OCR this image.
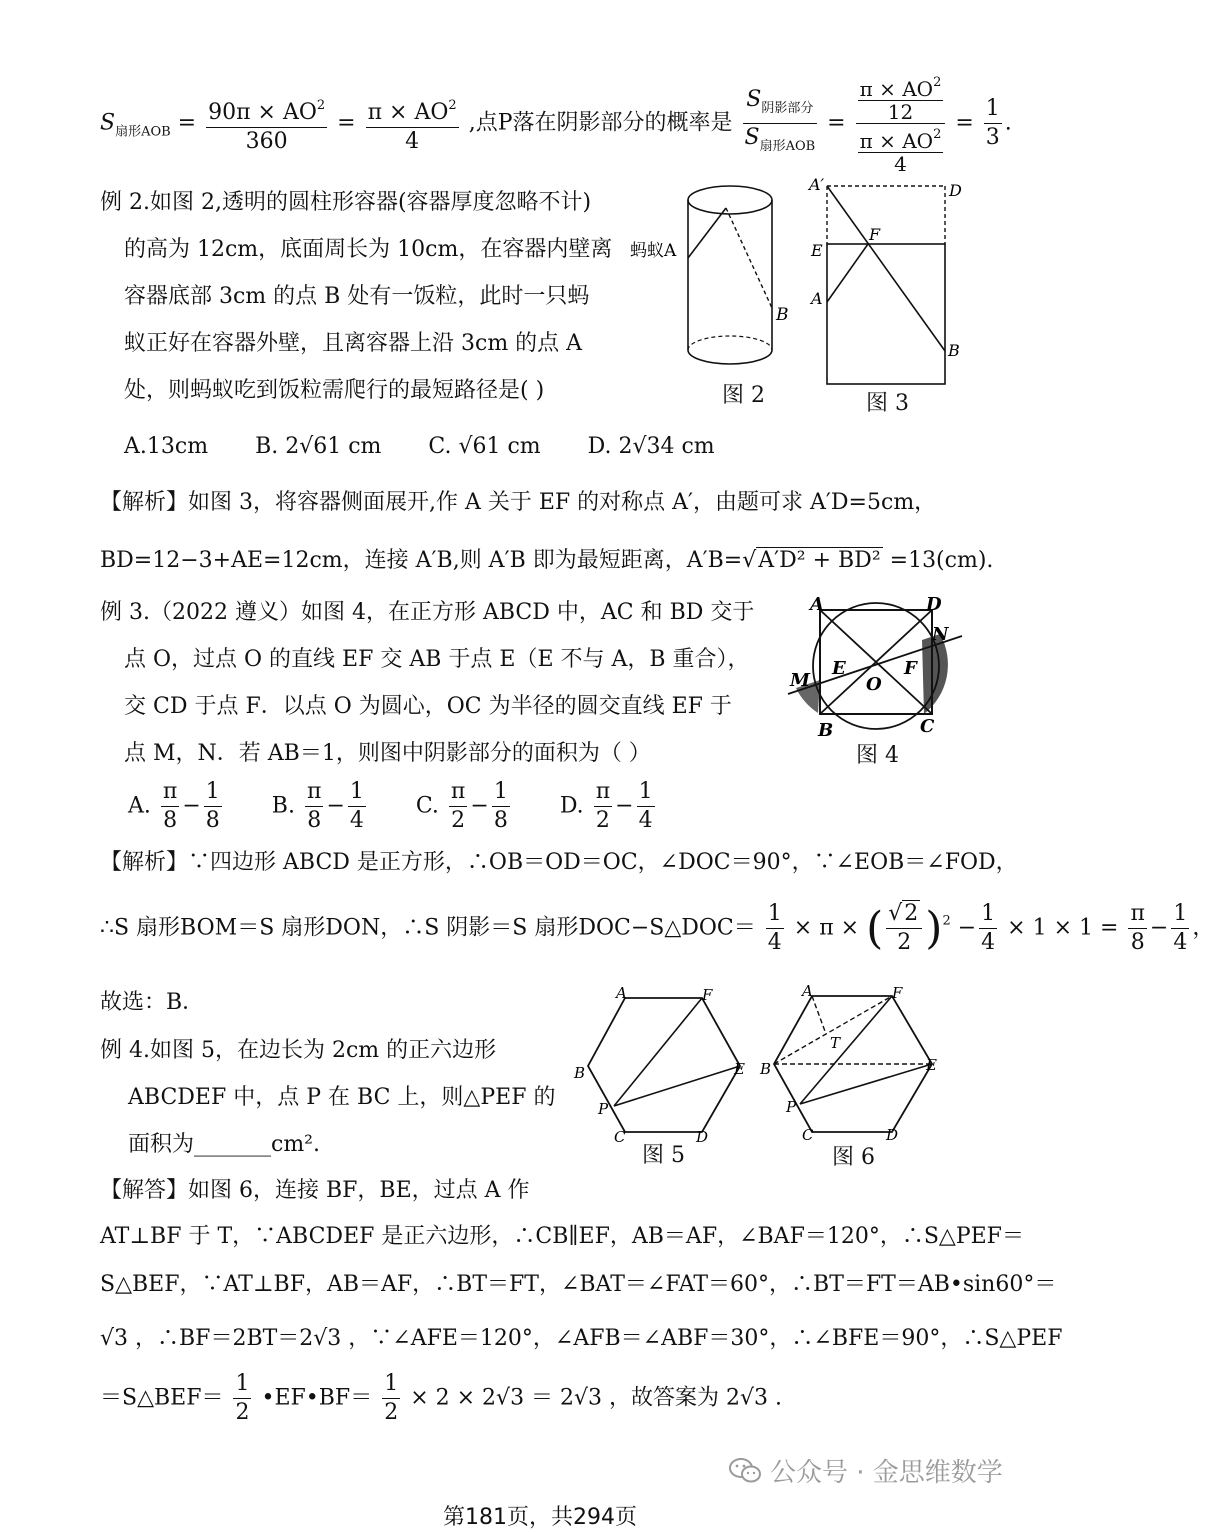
$S_{扇形AOB} = \frac{90\pi \times AO^2}{360} = \frac{\pi \times AO^2}{4}$ ,点P落在阴影部分的概率是 $\frac{S_{阴影部分}}{S_{扇形AOB}} = \frac{\frac{\pi \times AO^2}{12}}{\frac{\pi \times AO^2}{4}} = \frac{1}{3}$ .
例 2.如图 2,透明的圆柱形容器(容器厚度忽略不计)
的高为 12cm，底面周长为 10cm，在容器内壁离
容器底部 3cm 的点 B 处有一饭粒，此时一只蚂
蚁正好在容器外壁，且离容器上沿 3cm 的点 A
处，则蚂蚁吃到饭粒需爬行的最短路径是( )
A.13cm B. 2√61 cm C. √61 cm D. 2√34 cm
蚂蚁A
B
图 2
A′	D
E
F
A
B
图 3
【解析】如图 3，将容器侧面展开,作 A 关于 EF 的对称点 A′，由题可求 A′D=5cm，
BD=12−3+AE=12cm，连接 A′B,则 A′B 即为最短距离，A′B=√A′D² + BD² =13(cm).
例 3.（2022 遵义）如图 4，在正方形 ABCD 中，AC 和 BD 交于
点 O，过点 O 的直线 EF 交 AB 于点 E（E 不与 A，B 重合），
交 CD 于点 F．以点 O 为圆心，OC 为半径的圆交直线 EF 于
点 M，N．若 AB＝1，则图中阴影部分的面积为（ ）
A. $\frac{\pi}{8} - \frac{1}{8} B$. $\frac{\pi}{8} - \frac{1}{4} C$. $\frac{\pi}{2} - \frac{1}{8} D$. $\frac{\pi}{2} - \frac{1}{4}$
A	D
N
M
E
O
F
B	C
图 4
【解析】∵四边形 ABCD 是正方形，∴OB＝OD＝OC，∠DOC＝90°，∵∠EOB＝∠FOD，
∴S 扇形BOM＝S 扇形DON，∴S 阴影＝S 扇形DOC−S△DOC＝ $\frac{1}{4} \times \pi$ × ( $\frac{√2}{2} )^2 - \frac{1}{4} \times 1 \times 1 = \frac{\pi}{8} - \frac{1}{4}$ ，
故选：B．
例 4.如图 5，在边长为 2cm 的正六边形
ABCDEF 中，点 P 在 BC 上，则△PEF 的
面积为_______cm².
A	F
B	E
P
C	D
图 5
A	F
T
B	E
P
C	D
图 6
【解答】如图 6，连接 BF，BE，过点 A 作
AT⊥BF 于 T，∵ABCDEF 是正六边形，∴CB∥EF，AB＝AF，∠BAF＝120°，∴S△PEF＝
S△BEF，∵AT⊥BF，AB＝AF，∴BT＝FT，∠BAT＝∠FAT＝60°，∴BT＝FT＝AB•sin60°＝
√3 ，∴BF＝2BT＝2√3 ，∵∠AFE＝120°，∠AFB＝∠ABF＝30°，∴∠BFE＝90°，∴S△PEF
＝S△BEF＝ $\frac{1}{2}$ •EF•BF＝ $\frac{1}{2} \times 2 \times 2√3 = 2√3$ ，故答案为 2√3 .
公众号 · 金思维数学
第181页，共294页
